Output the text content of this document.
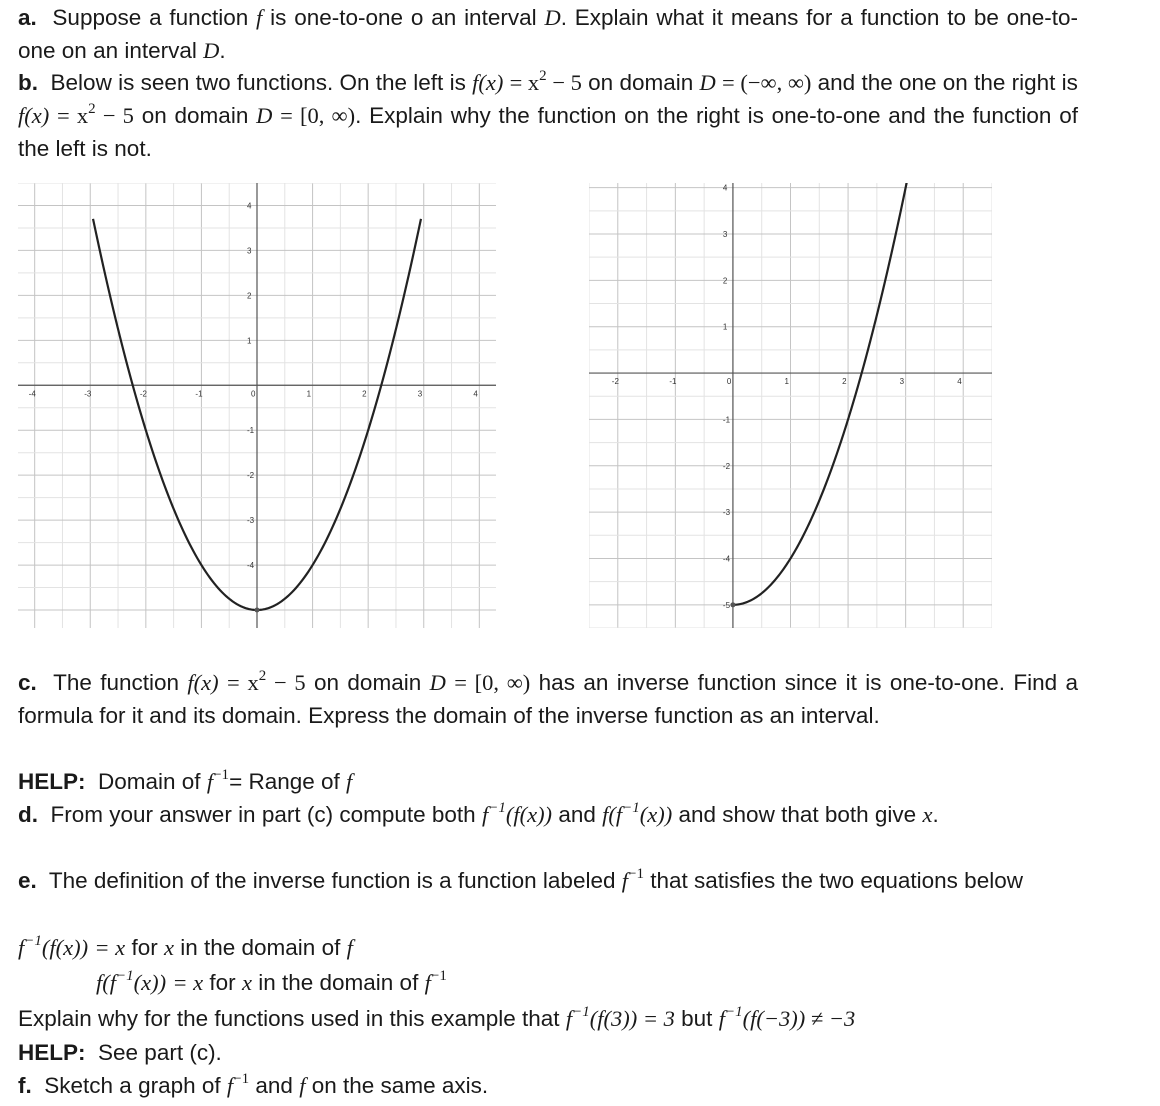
a. Suppose a function f is one-to-one o an interval D. Explain what it means for a function to be one-to-one on an interval D.
b. Below is seen two functions. On the left is $f(x) = x^2 - 5$ on domain D = (−∞, ∞) and the one on the right is $f(x) = x^2 - 5$ on domain D = [0, ∞). Explain why the function on the right is one-to-one and the function of the left is not.
-4	-3	-2	-1	0	1	2	3	4
4
3
2
1
-1
-2
-3
-4
-2	-1	0	1	2	3	4
4
3
2
1
-1
-2
-3
-4
-5
c. The function $f(x) = x^2 - 5$ on domain D = [0, ∞) has an inverse function since it is one-to-one. Find a formula for it and its domain. Express the domain of the inverse function as an interval.
HELP: Domain of $f^{-1}=$ Range of f
d. From your answer in part (c) compute both $f^{-1}(f(x))$ and $f(f^{-1}(x))$ and show that both give x.
e. The definition of the inverse function is a function labeled $f^{-1}$ that satisfies the two equations below
$f^{-1}(f(x)) = x$ for x in the domain of f
$f(f^{-1}(x)) = x$ for x in the domain of $f^{-1}$
Explain why for the functions used in this example that $f^{-1}(f(3)) = 3$ but $f^{-1}(f(-3)) \ne -3$
HELP: See part (c).
f. Sketch a graph of $f^{-1}$ and f on the same axis.
